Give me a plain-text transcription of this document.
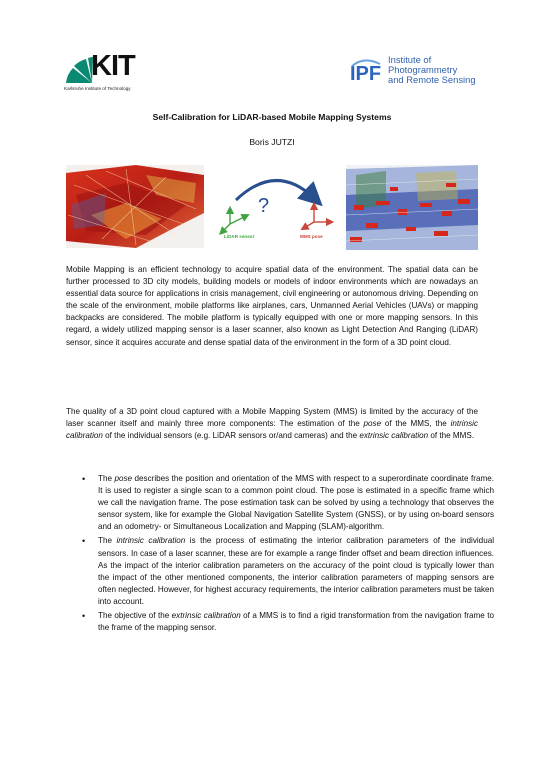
KIT
Karlsruhe Institute of Technology
IPF
Institute of
Photogrammetry
and Remote Sensing
Self-Calibration for LiDAR-based Mobile Mapping Systems
Boris JUTZI
?
LiDAR sensor	MMS pose
Mobile Mapping is an efficient technology to acquire spatial data of the environment. The spatial data can be further processed to 3D city models, building models or models of indoor environments which are nowadays an essential data source for applications in crisis management, civil engineering or autonomous driving. Depending on the scale of the environment, mobile platforms like airplanes, cars, Unmanned Aerial Vehicles (UAVs) or mapping backpacks are considered. The mobile platform is typically equipped with one or more mapping sensors. In this regard, a widely utilized mapping sensor is a laser scanner, also known as Light Detection And Ranging (LiDAR) sensor, since it acquires accurate and dense spatial data of the environment in the form of a 3D point cloud.
The quality of a 3D point cloud captured with a Mobile Mapping System (MMS) is limited by the accuracy of the laser scanner itself and mainly three more components: The estimation of the pose of the MMS, the intrinsic calibration of the individual sensors (e.g. LiDAR sensors or/and cameras) and the extrinsic calibration of the MMS.
• The pose describes the position and orientation of the MMS with respect to a superordinate coordinate frame. It is used to register a single scan to a common point cloud. The pose is estimated in a specific frame which we call the navigation frame. The pose estimation task can be solved by using a technology that observes the sensor system, like for example the Global Navigation Satellite System (GNSS), or by using on-board sensors and an odometry- or Simultaneous Localization and Mapping (SLAM)-algorithm.
• The intrinsic calibration is the process of estimating the interior calibration parameters of the individual sensors. In case of a laser scanner, these are for example a range finder offset and beam direction influences. As the impact of the interior calibration parameters on the accuracy of the point cloud is typically lower than the impact of the other mentioned components, the interior calibration parameters of mapping sensors are often neglected. However, for highest accuracy requirements, the interior calibration parameters must be taken into account.
• The objective of the extrinsic calibration of a MMS is to find a rigid transformation from the navigation frame to the frame of the mapping sensor.
